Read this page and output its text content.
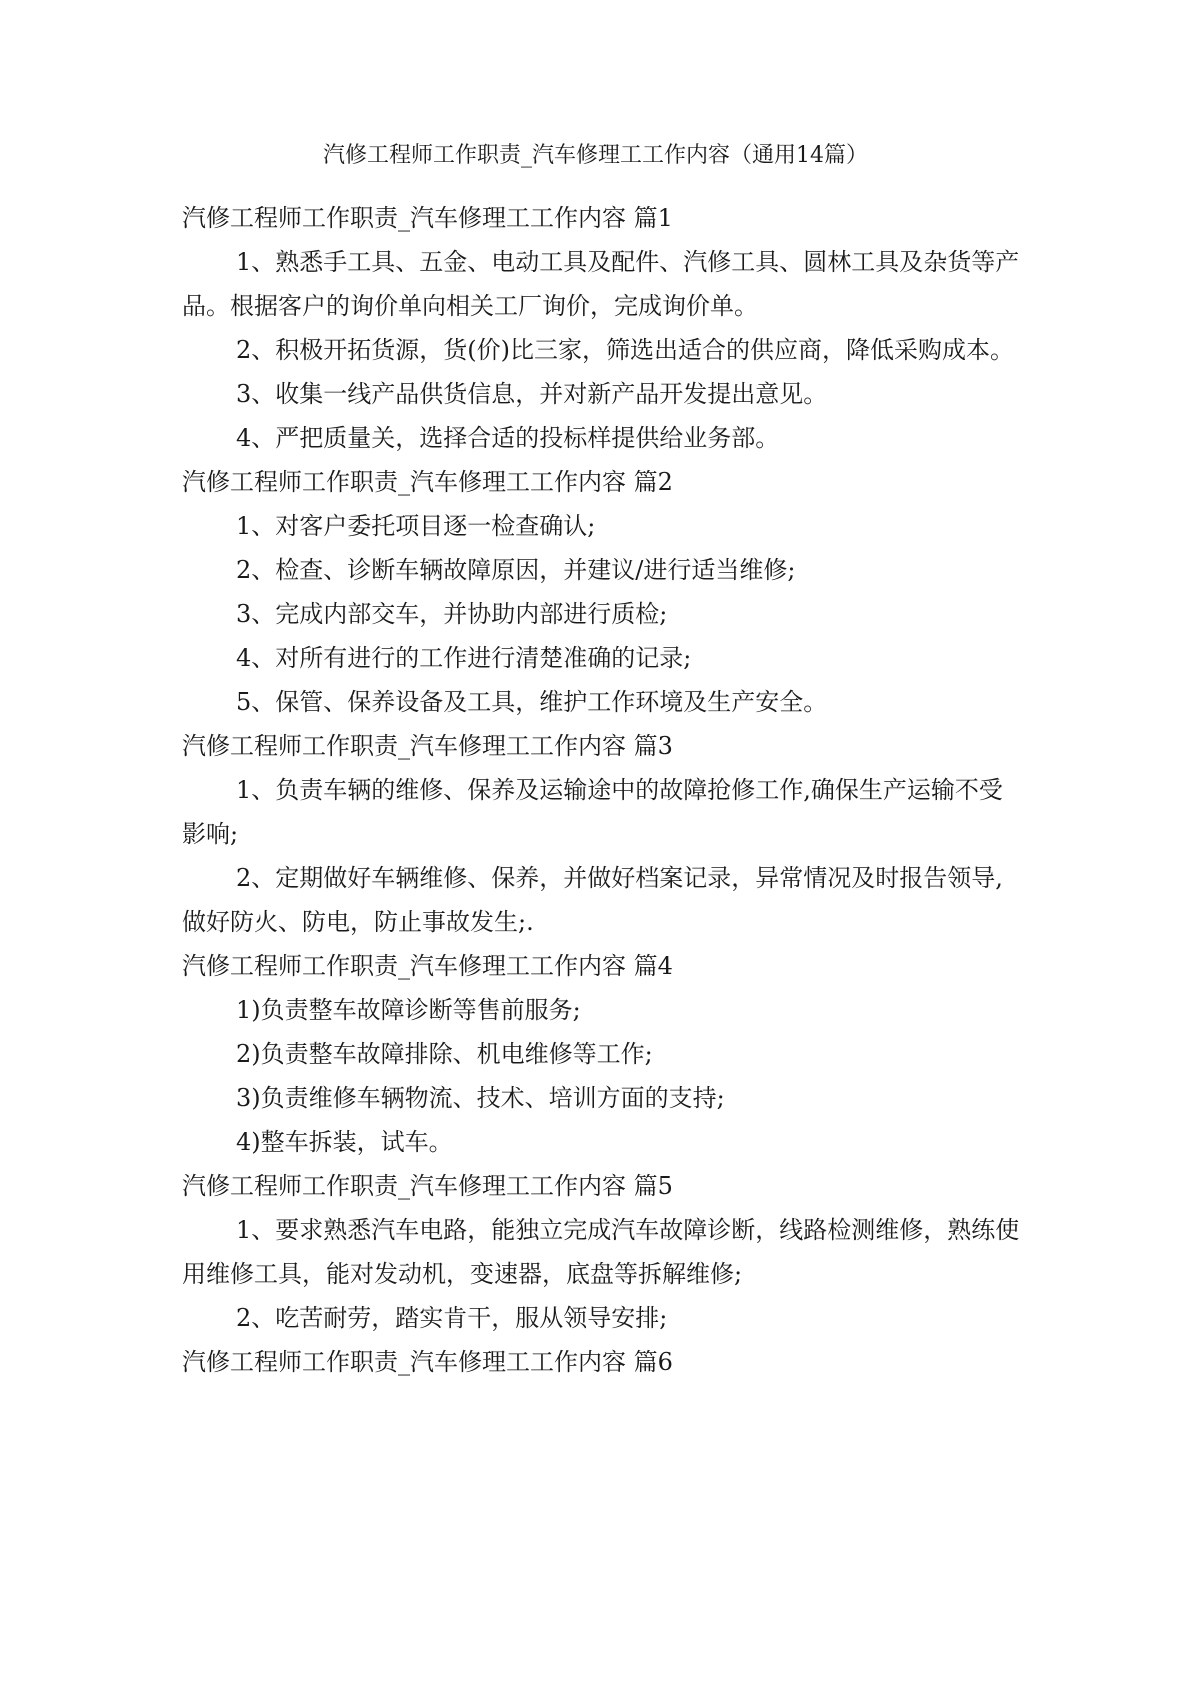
汽修工程师工作职责_汽车修理工工作内容（通用14篇）
汽修工程师工作职责_汽车修理工工作内容 篇1

1、熟悉手工具、五金、电动工具及配件、汽修工具、圆林工具及杂货等产品。根据客户的询价单向相关工厂询价，完成询价单。

2、积极开拓货源，货(价)比三家，筛选出适合的供应商，降低采购成本。

3、收集一线产品供货信息，并对新产品开发提出意见。

4、严把质量关，选择合适的投标样提供给业务部。

汽修工程师工作职责_汽车修理工工作内容 篇2

1、对客户委托项目逐一检查确认;

2、检查、诊断车辆故障原因，并建议/进行适当维修;

3、完成内部交车，并协助内部进行质检;

4、对所有进行的工作进行清楚准确的记录;

5、保管、保养设备及工具，维护工作环境及生产安全。

汽修工程师工作职责_汽车修理工工作内容 篇3

1、负责车辆的维修、保养及运输途中的故障抢修工作,确保生产运输不受影响;

2、定期做好车辆维修、保养，并做好档案记录，异常情况及时报告领导,做好防火、防电，防止事故发生;.

汽修工程师工作职责_汽车修理工工作内容 篇4

1)负责整车故障诊断等售前服务;

2)负责整车故障排除、机电维修等工作;

3)负责维修车辆物流、技术、培训方面的支持;

4)整车拆装，试车。

汽修工程师工作职责_汽车修理工工作内容 篇5

1、要求熟悉汽车电路，能独立完成汽车故障诊断，线路检测维修，熟练使用维修工具，能对发动机，变速器，底盘等拆解维修;

2、吃苦耐劳，踏实肯干，服从领导安排;

汽修工程师工作职责_汽车修理工工作内容 篇6
